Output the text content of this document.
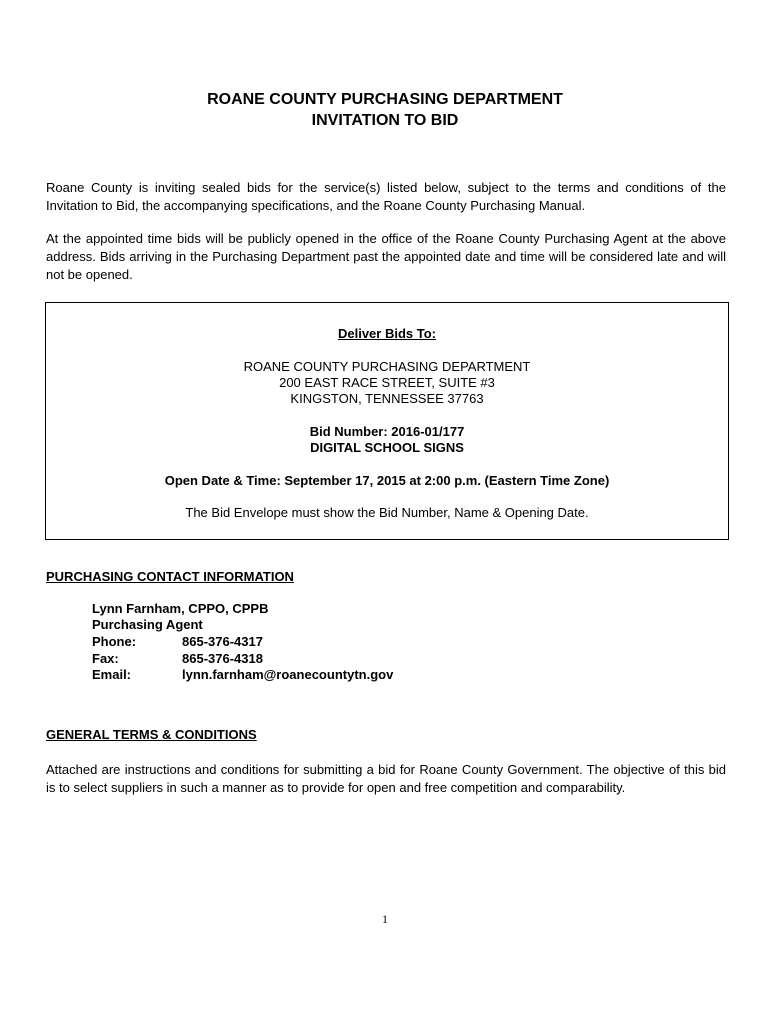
ROANE COUNTY PURCHASING DEPARTMENT
INVITATION TO BID
Roane County is inviting sealed bids for the service(s) listed below, subject to the terms and conditions of the Invitation to Bid, the accompanying specifications, and the Roane County Purchasing Manual.
At the appointed time bids will be publicly opened in the office of the Roane County Purchasing Agent at the above address. Bids arriving in the Purchasing Department past the appointed date and time will be considered late and will not be opened.
Deliver Bids To:
ROANE COUNTY PURCHASING DEPARTMENT
200 EAST RACE STREET, SUITE #3
KINGSTON, TENNESSEE 37763
Bid Number: 2016-01/177
DIGITAL SCHOOL SIGNS
Open Date & Time: September 17, 2015 at 2:00 p.m. (Eastern Time Zone)
The Bid Envelope must show the Bid Number, Name & Opening Date.
PURCHASING CONTACT INFORMATION
Lynn Farnham, CPPO, CPPB
Purchasing Agent
Phone:	865-376-4317
Fax:	865-376-4318
Email:	lynn.farnham@roanecountytn.gov
GENERAL TERMS & CONDITIONS
Attached are instructions and conditions for submitting a bid for Roane County Government. The objective of this bid is to select suppliers in such a manner as to provide for open and free competition and comparability.
1
